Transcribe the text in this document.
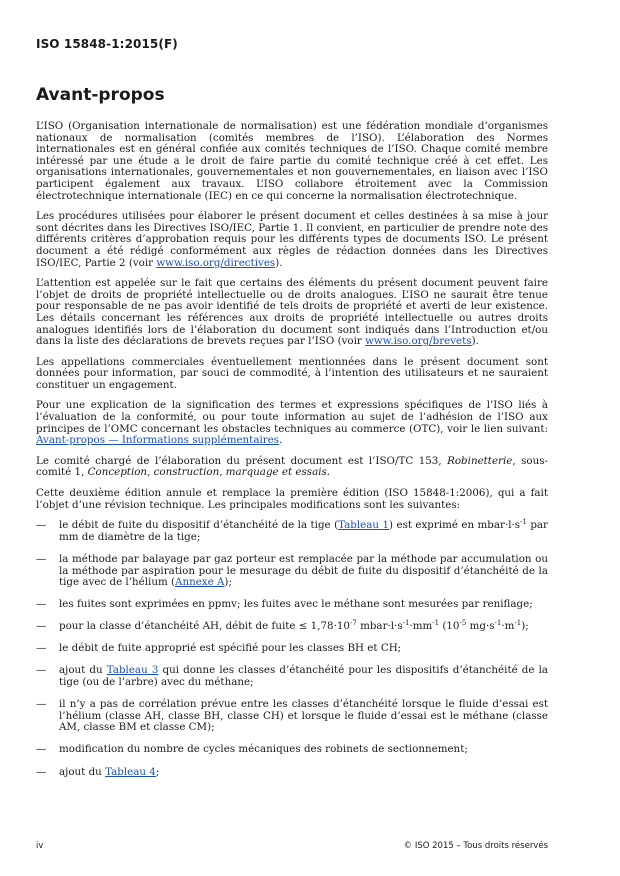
ISO 15848-1:2015(F)
Avant-propos

L’ISO (Organisation internationale de normalisation) est une fédération mondiale d’organismes nationaux de normalisation (comités membres de l’ISO). L’élaboration des Normes internationales est en général confiée aux comités techniques de l’ISO. Chaque comité membre intéressé par une étude a le droit de faire partie du comité technique créé à cet effet. Les organisations internationales, gouvernementales et non gouvernementales, en liaison avec l’ISO participent également aux travaux. L’ISO collabore étroitement avec la Commission électrotechnique internationale (IEC) en ce qui concerne la normalisation électrotechnique.

Les procédures utilisées pour élaborer le présent document et celles destinées à sa mise à jour sont décrites dans les Directives ISO/IEC, Partie 1. Il convient, en particulier de prendre note des différents critères d’approbation requis pour les différents types de documents ISO. Le présent document a été rédigé conformément aux règles de rédaction données dans les Directives ISO/IEC, Partie 2 (voir www.iso.org/directives).

L’attention est appelée sur le fait que certains des éléments du présent document peuvent faire l’objet de droits de propriété intellectuelle ou de droits analogues. L’ISO ne saurait être tenue pour responsable de ne pas avoir identifié de tels droits de propriété et averti de leur existence. Les détails concernant les références aux droits de propriété intellectuelle ou autres droits analogues identifiés lors de l’élaboration du document sont indiqués dans l’Introduction et/ou dans la liste des déclarations de brevets reçues par l’ISO (voir www.iso.org/brevets).

Les appellations commerciales éventuellement mentionnées dans le présent document sont données pour information, par souci de commodité, à l’intention des utilisateurs et ne sauraient constituer un engagement.

Pour une explication de la signification des termes et expressions spécifiques de l’ISO liés à l’évaluation de la conformité, ou pour toute information au sujet de l’adhésion de l’ISO aux principes de l’OMC concernant les obstacles techniques au commerce (OTC), voir le lien suivant: Avant-propos — Informations supplémentaires.

Le comité chargé de l’élaboration du présent document est l’ISO/TC 153, Robinetterie, sous-comité 1, Conception, construction, marquage et essais.

Cette deuxième édition annule et remplace la première édition (ISO 15848-1:2006), qui a fait l’objet d’une révision technique. Les principales modifications sont les suivantes:

— le débit de fuite du dispositif d’étanchéité de la tige (Tableau 1) est exprimé en $mbar\cdot l\cdot s^{-1}$ par mm de diamètre de la tige;
— la méthode par balayage par gaz porteur est remplacée par la méthode par accumulation ou la méthode par aspiration pour le mesurage du débit de fuite du dispositif d’étanchéité de la tige avec de l’hélium (Annexe A);
— les fuites sont exprimées en ppmv; les fuites avec le méthane sont mesurées par reniflage;
— pour la classe d’étanchéité AH, débit de fuite ≤ $1,78\cdot 10^{-7}$ $mbar\cdot l\cdot s^{-1}\cdot mm^{-1}$ ($10^{-5}$ $mg\cdot s^{-1}\cdot m^{-1}$);
— le débit de fuite approprié est spécifié pour les classes BH et CH;
— ajout du Tableau 3 qui donne les classes d’étanchéité pour les dispositifs d’étanchéité de la tige (ou de l’arbre) avec du méthane;
— il n’y a pas de corrélation prévue entre les classes d’étanchéité lorsque le fluide d’essai est l’hélium (classe AH, classe BH, classe CH) et lorsque le fluide d’essai est le méthane (classe AM, classe BM et classe CM);
— modification du nombre de cycles mécaniques des robinets de sectionnement;
— ajout du Tableau 4;
iv	© ISO 2015 – Tous droits réservés
